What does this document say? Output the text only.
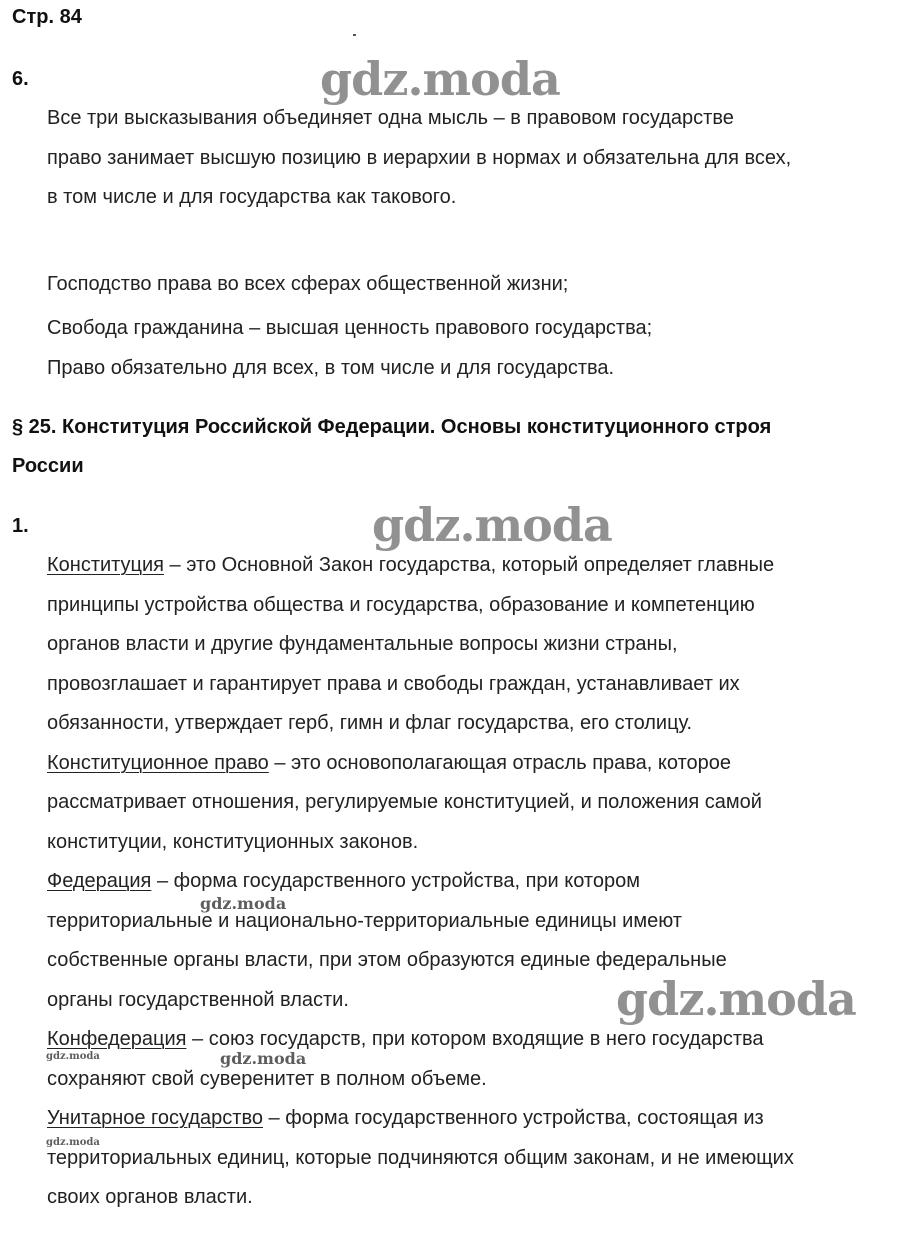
Стр. 84
gdz.moda
gdz.moda
gdz.moda
gdz.moda
gdz.moda
gdz.moda
gdz.moda
6.
Все три высказывания объединяет одна мысль – в правовом государстве
право занимает высшую позицию в иерархии в нормах и обязательна для всех,
в том числе и для государства как такового.
Господство права во всех сферах общественной жизни;
Свобода гражданина – высшая ценность правового государства;
Право обязательно для всех, в том числе и для государства.
§ 25. Конституция Российской Федерации. Основы конституционного строя
России
1.
Конституция – это Основной Закон государства, который определяет главные
принципы устройства общества и государства, образование и компетенцию
органов власти и другие фундаментальные вопросы жизни страны,
провозглашает и гарантирует права и свободы граждан, устанавливает их
обязанности, утверждает герб, гимн и флаг государства, его столицу.
Конституционное право – это основополагающая отрасль права, которое
рассматривает отношения, регулируемые конституцией, и положения самой
конституции, конституционных законов.
Федерация – форма государственного устройства, при котором
территориальные и национально-территориальные единицы имеют
собственные органы власти, при этом образуются единые федеральные
органы государственной власти.
Конфедерация – союз государств, при котором входящие в него государства
сохраняют свой суверенитет в полном объеме.
Унитарное государство – форма государственного устройства, состоящая из
территориальных единиц, которые подчиняются общим законам, и не имеющих
своих органов власти.
